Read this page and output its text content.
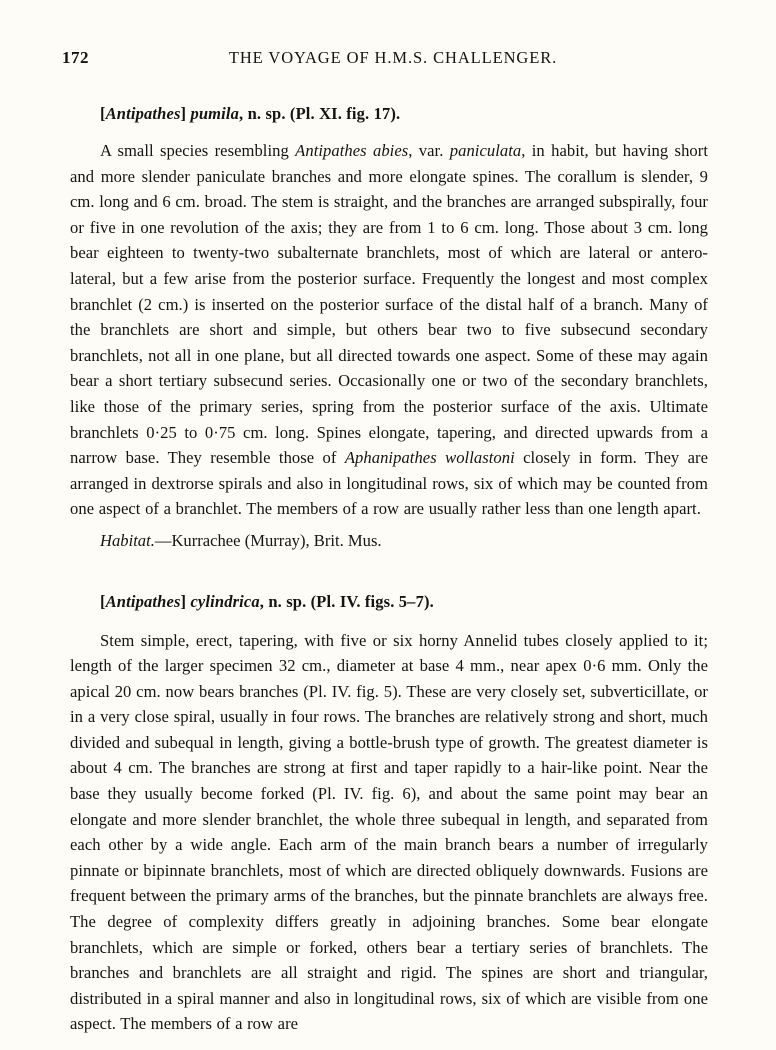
172	THE VOYAGE OF H.M.S. CHALLENGER.
[Antipathes] pumila, n. sp. (Pl. XI. fig. 17).

A small species resembling Antipathes abies, var. paniculata, in habit, but having short and more slender paniculate branches and more elongate spines. The corallum is slender, 9 cm. long and 6 cm. broad. The stem is straight, and the branches are arranged subspirally, four or five in one revolution of the axis; they are from 1 to 6 cm. long. Those about 3 cm. long bear eighteen to twenty-two subalternate branchlets, most of which are lateral or antero-lateral, but a few arise from the posterior surface. Frequently the longest and most complex branchlet (2 cm.) is inserted on the posterior surface of the distal half of a branch. Many of the branchlets are short and simple, but others bear two to five subsecund secondary branchlets, not all in one plane, but all directed towards one aspect. Some of these may again bear a short tertiary subsecund series. Occasionally one or two of the secondary branchlets, like those of the primary series, spring from the posterior surface of the axis. Ultimate branchlets 0·25 to 0·75 cm. long. Spines elongate, tapering, and directed upwards from a narrow base. They resemble those of Aphanipathes wollastoni closely in form. They are arranged in dextrorse spirals and also in longitudinal rows, six of which may be counted from one aspect of a branchlet. The members of a row are usually rather less than one length apart.

Habitat.—Kurrachee (Murray), Brit. Mus.

[Antipathes] cylindrica, n. sp. (Pl. IV. figs. 5–7).

Stem simple, erect, tapering, with five or six horny Annelid tubes closely applied to it; length of the larger specimen 32 cm., diameter at base 4 mm., near apex 0·6 mm. Only the apical 20 cm. now bears branches (Pl. IV. fig. 5). These are very closely set, subverticillate, or in a very close spiral, usually in four rows. The branches are relatively strong and short, much divided and subequal in length, giving a bottle-brush type of growth. The greatest diameter is about 4 cm. The branches are strong at first and taper rapidly to a hair-like point. Near the base they usually become forked (Pl. IV. fig. 6), and about the same point may bear an elongate and more slender branchlet, the whole three subequal in length, and separated from each other by a wide angle. Each arm of the main branch bears a number of irregularly pinnate or bipinnate branchlets, most of which are directed obliquely downwards. Fusions are frequent between the primary arms of the branches, but the pinnate branchlets are always free. The degree of complexity differs greatly in adjoining branches. Some bear elongate branchlets, which are simple or forked, others bear a tertiary series of branchlets. The branches and branchlets are all straight and rigid. The spines are short and triangular, distributed in a spiral manner and also in longitudinal rows, six of which are visible from one aspect. The members of a row are
